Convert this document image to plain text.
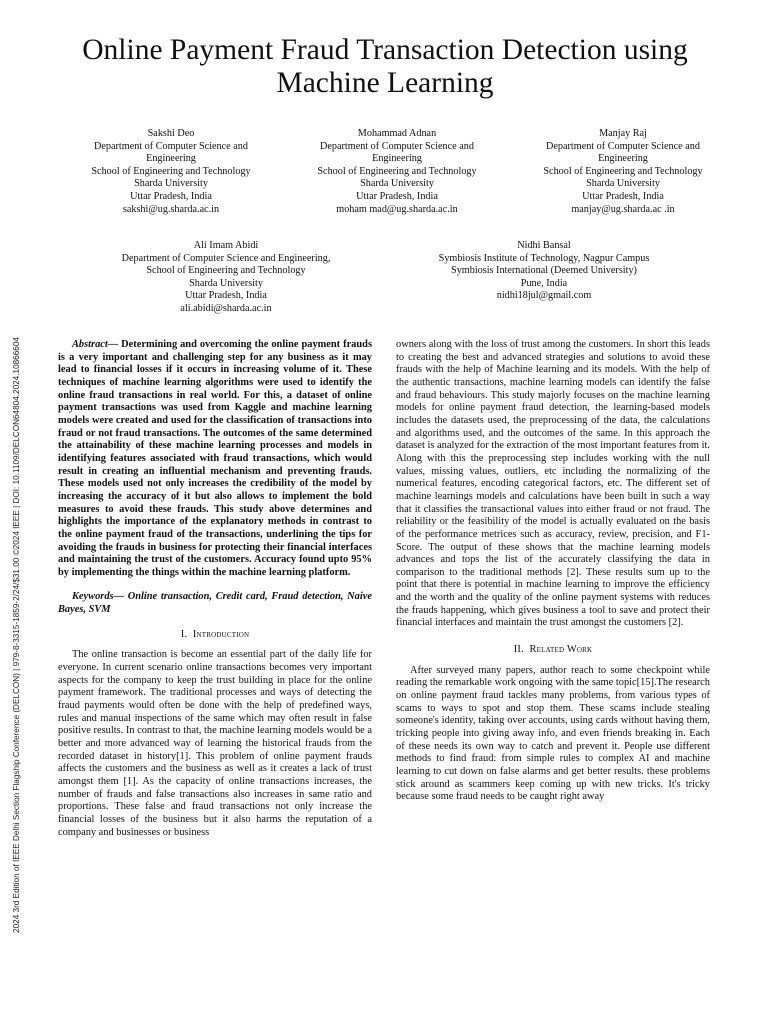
2024 3rd Edition of IEEE Delhi Section Flagship Conference (DELCON) | 979-8-3315-1859-2/24/$31.00 ©2024 IEEE | DOI: 10.1109/DELCON64804.2024.10866604
Online Payment Fraud Transaction Detection using Machine Learning
Sakshi Deo
Department of Computer Science and
Engineering
School of Engineering and Technology
Sharda University
Uttar Pradesh, India
sakshi@ug.sharda.ac.in
Mohammad Adnan
Department of Computer Science and
Engineering
School of Engineering and Technology
Sharda University
Uttar Pradesh, India
moham mad@ug.sharda.ac.in
Manjay Raj
Department of Computer Science and
Engineering
School of Engineering and Technology
Sharda University
Uttar Pradesh, India
manjay@ug.sharda.ac .in
Ali Imam Abidi
Department of Computer Science and Engineering,
School of Engineering and Technology
Sharda University
Uttar Pradesh, India
ali.abidi@sharda.ac.in
Nidhi Bansal
Symbiosis Institute of Technology, Nagpur Campus
Symbiosis International (Deemed University)
Pune, India
nidhi18jul@gmail.com

Abstract— Determining and overcoming the online payment frauds is a very important and challenging step for any business as it may lead to financial losses if it occurs in increasing volume of it. These techniques of machine learning algorithms were used to identify the online fraud transactions in real world. For this, a dataset of online payment transactions was used from Kaggle and machine learning models were created and used for the classification of transactions into fraud or not fraud transactions. The outcomes of the same determined the attainability of these machine learning processes and models in identifying features associated with fraud transactions, which would result in creating an influential mechanism and preventing frauds. These models used not only increases the credibility of the model by increasing the accuracy of it but also allows to implement the bold measures to avoid these frauds. This study above determines and highlights the importance of the explanatory methods in contrast to the online payment fraud of the transactions, underlining the tips for avoiding the frauds in business for protecting their financial interfaces and maintaining the trust of the customers. Accuracy found upto 95% by implementing the things within the machine learning platform.

Keywords— Online transaction, Credit card, Fraud detection, Naive Bayes, SVM

I. Introduction

The online transaction is become an essential part of the daily life for everyone. In current scenario online transactions becomes very important aspects for the company to keep the trust building in place for the online payment framework. The traditional processes and ways of detecting the fraud payments would often be done with the help of predefined ways, rules and manual inspections of the same which may often result in false positive results. In contrast to that, the machine learning models would be a better and more advanced way of learning the historical frauds from the recorded dataset in history[1]. This problem of online payment frauds affects the customers and the business as well as it creates a lack of trust amongst them [1]. As the capacity of online transactions increases, the number of frauds and false transactions also increases in same ratio and proportions. These false and fraud transactions not only increase the financial losses of the business but it also harms the reputation of a company and businesses or business

owners along with the loss of trust among the customers. In short this leads to creating the best and advanced strategies and solutions to avoid these frauds with the help of Machine learning and its models. With the help of the authentic transactions, machine learning models can identify the false and fraud behaviours. This study majorly focuses on the machine learning models for online payment fraud detection, the learning-based models includes the datasets used, the preprocessing of the data, the calculations and algorithms used, and the outcomes of the same. In this approach the dataset is analyzed for the extraction of the most important features from it. Along with this the preprocessing step includes working with the null values, missing values, outliers, etc including the normalizing of the numerical features, encoding categorical factors, etc. The different set of machine learnings models and calculations have been built in such a way that it classifies the transactional values into either fraud or not fraud. The reliability or the feasibility of the model is actually evaluated on the basis of the performance metrices such as accuracy, review, precision, and F1-Score. The output of these shows that the machine learning models advances and tops the list of the accurately classifying the data in comparison to the traditional methods [2]. These results sum up to the point that there is potential in machine learning to improve the efficiency and the worth and the quality of the online payment systems with reduces the frauds happening, which gives business a tool to save and protect their financial interfaces and maintain the trust amongst the customers [2].

II. Related Work

After surveyed many papers, author reach to some checkpoint while reading the remarkable work ongoing with the same topic[15].The research on online payment fraud tackles many problems, from various types of scams to ways to spot and stop them. These scams include stealing someone's identity, taking over accounts, using cards without having them, tricking people into giving away info, and even friends breaking in. Each of these needs its own way to catch and prevent it. People use different methods to find fraud: from simple rules to complex AI and machine learning to cut down on false alarms and get better results. these problems stick around as scammers keep coming up with new tricks. It's tricky because some fraud needs to be caught right away
